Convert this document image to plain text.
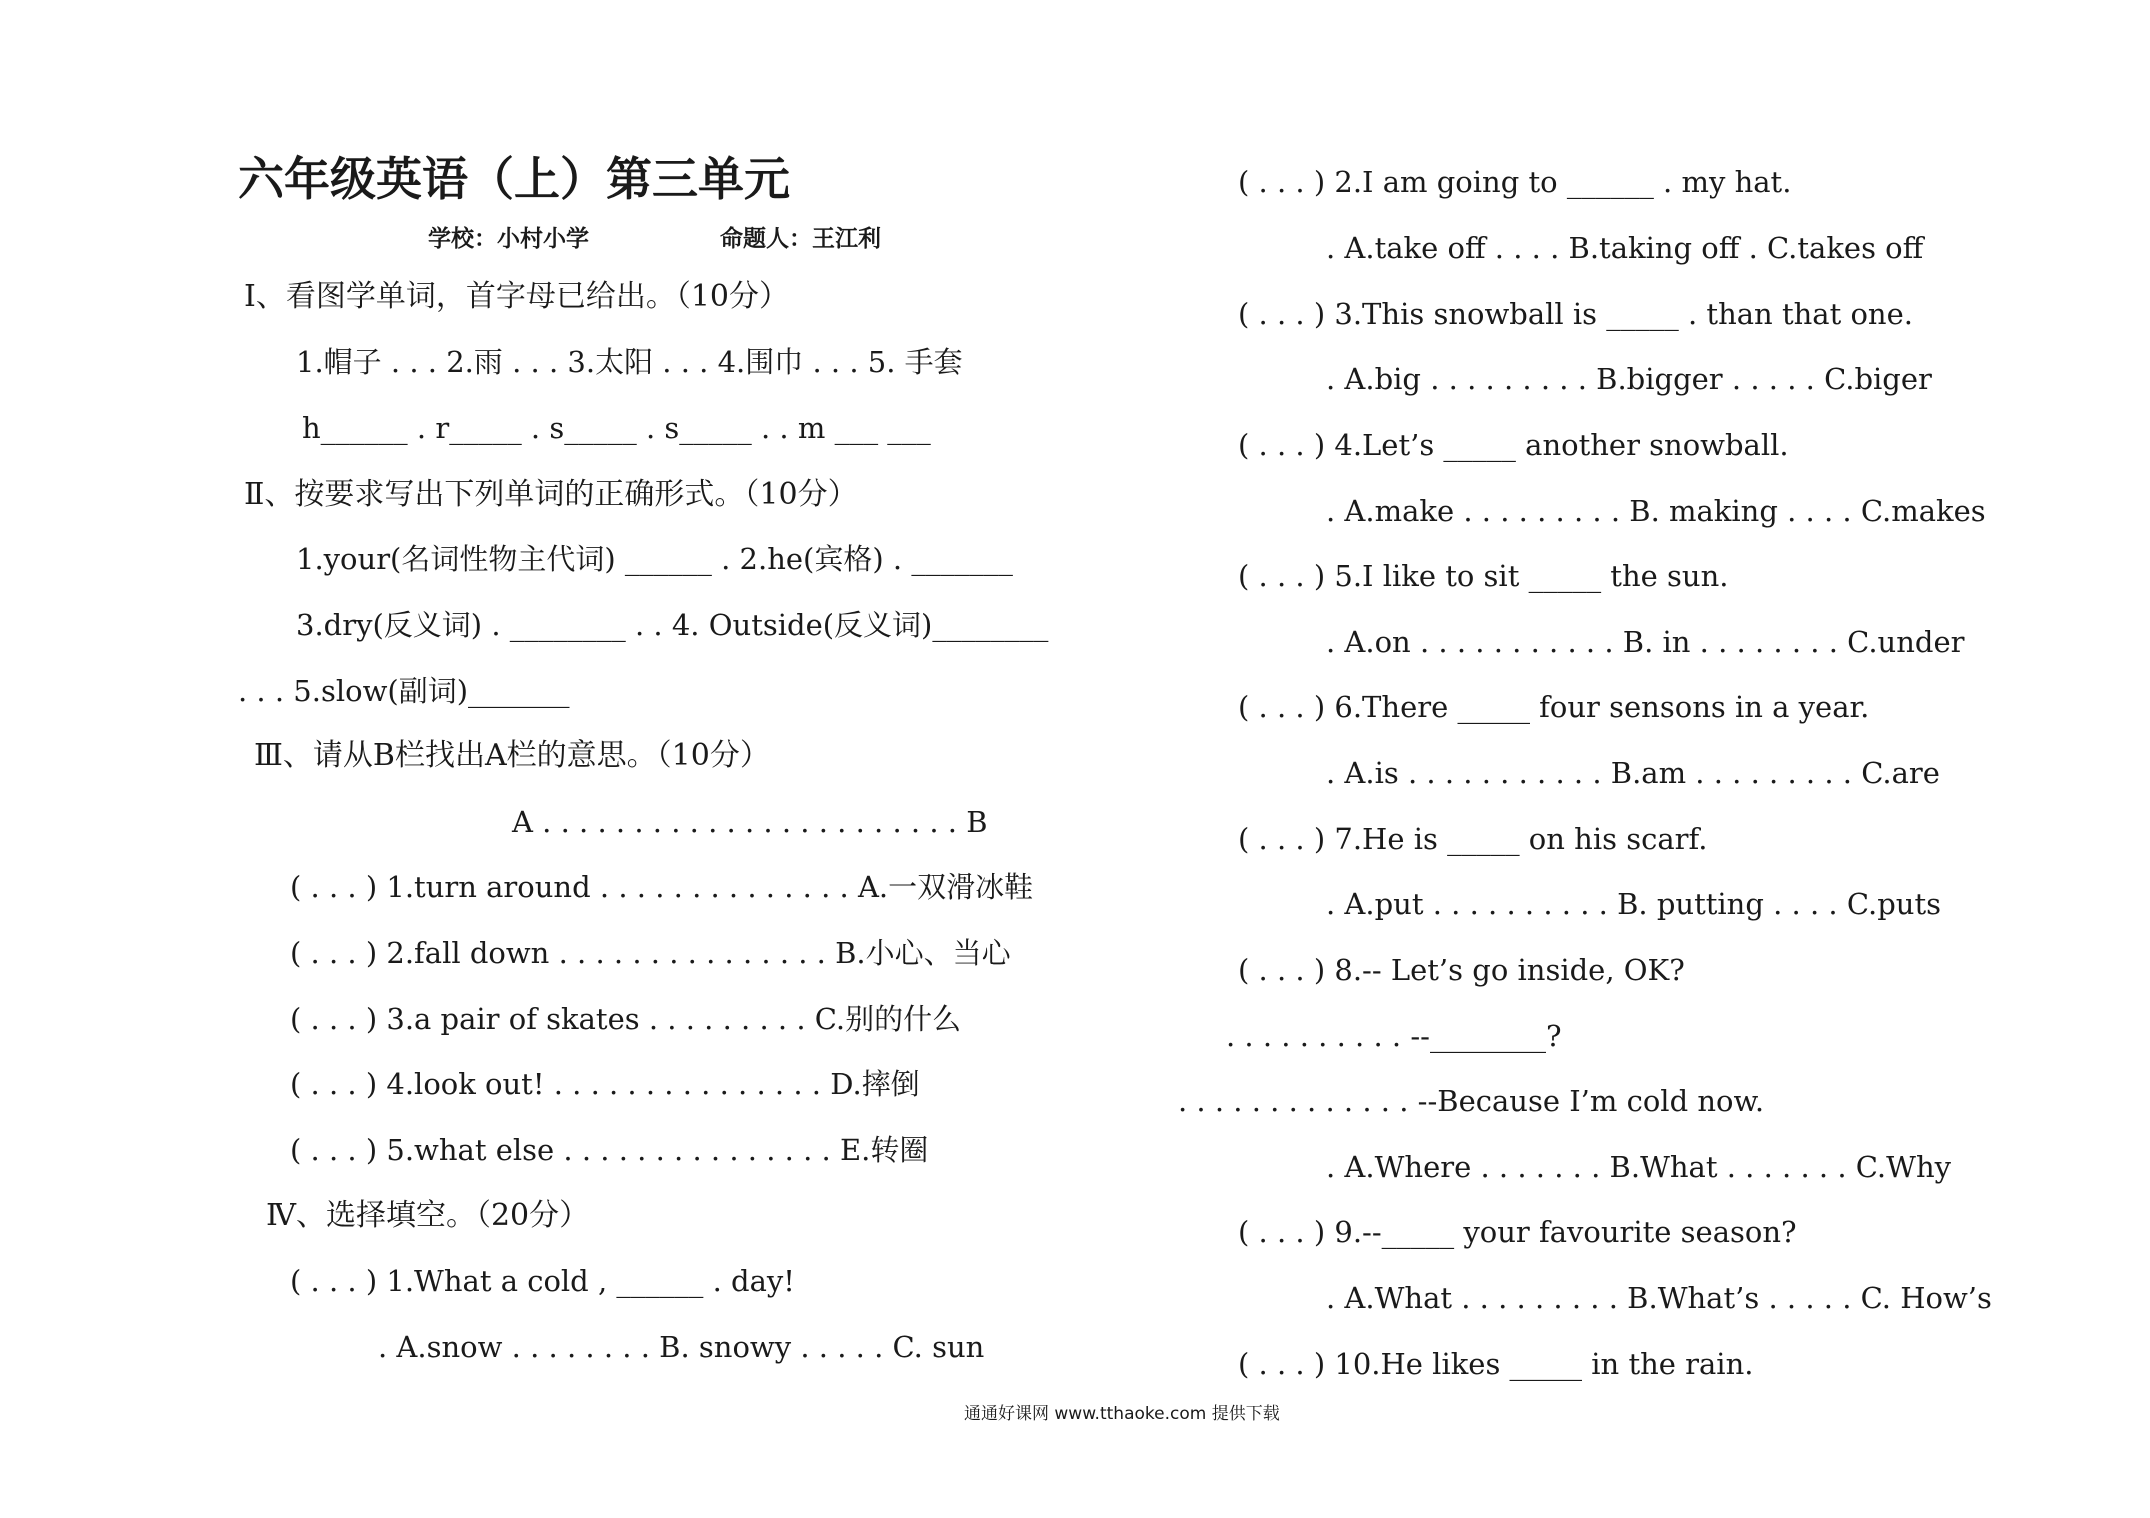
六年级英语（上）第三单元
学校：小村小学	命题人：王江利
Ⅰ、看图学单词，首字母已给出。（10分）
1.帽子 . . . 2.雨 . . . 3.太阳 . . . 4.围巾 . . . 5. 手套
h______ . r_____ . s_____ . s_____ . . m ___ ___
Ⅱ、按要求写出下列单词的正确形式。（10分）
1.your(名词性物主代词) ______ . 2.he(宾格) . _______
3.dry(反义词) . ________ . . 4. Outside(反义词)________
. . . 5.slow(副词)_______
Ⅲ、请从B栏找出A栏的意思。（10分）
A . . . . . . . . . . . . . . . . . . . . . . . B
( . . . ) 1.turn around . . . . . . . . . . . . . . A.一双滑冰鞋
( . . . ) 2.fall down . . . . . . . . . . . . . . . B.小心、当心
( . . . ) 3.a pair of skates . . . . . . . . . C.别的什么
( . . . ) 4.look out! . . . . . . . . . . . . . . . D.摔倒
( . . . ) 5.what else . . . . . . . . . . . . . . . E.转圈
Ⅳ、选择填空。（20分）
( . . . ) 1.What a cold , ______ . day!
. A.snow . . . . . . . . B. snowy . . . . . C. sun
( . . . ) 2.I am going to ______ . my hat.
. A.take off . . . . B.taking off . C.takes off
( . . . ) 3.This snowball is _____ . than that one.
. A.big . . . . . . . . . B.bigger . . . . . C.biger
( . . . ) 4.Let’s _____ another snowball.
. A.make . . . . . . . . . B. making . . . . C.makes
( . . . ) 5.I like to sit _____ the sun.
. A.on . . . . . . . . . . . B. in . . . . . . . . C.under
( . . . ) 6.There _____ four sensons in a year.
. A.is . . . . . . . . . . . B.am . . . . . . . . . C.are
( . . . ) 7.He is _____ on his scarf.
. A.put . . . . . . . . . . B. putting . . . . C.puts
( . . . ) 8.-- Let’s go inside, OK?
. . . . . . . . . . --________?
. . . . . . . . . . . . . --Because I’m cold now.
. A.Where . . . . . . . B.What . . . . . . . C.Why
( . . . ) 9.--_____ your favourite season?
. A.What . . . . . . . . . B.What’s . . . . . C. How’s
( . . . ) 10.He likes _____ in the rain.
通通好课网 www.tthaoke.com 提供下载
